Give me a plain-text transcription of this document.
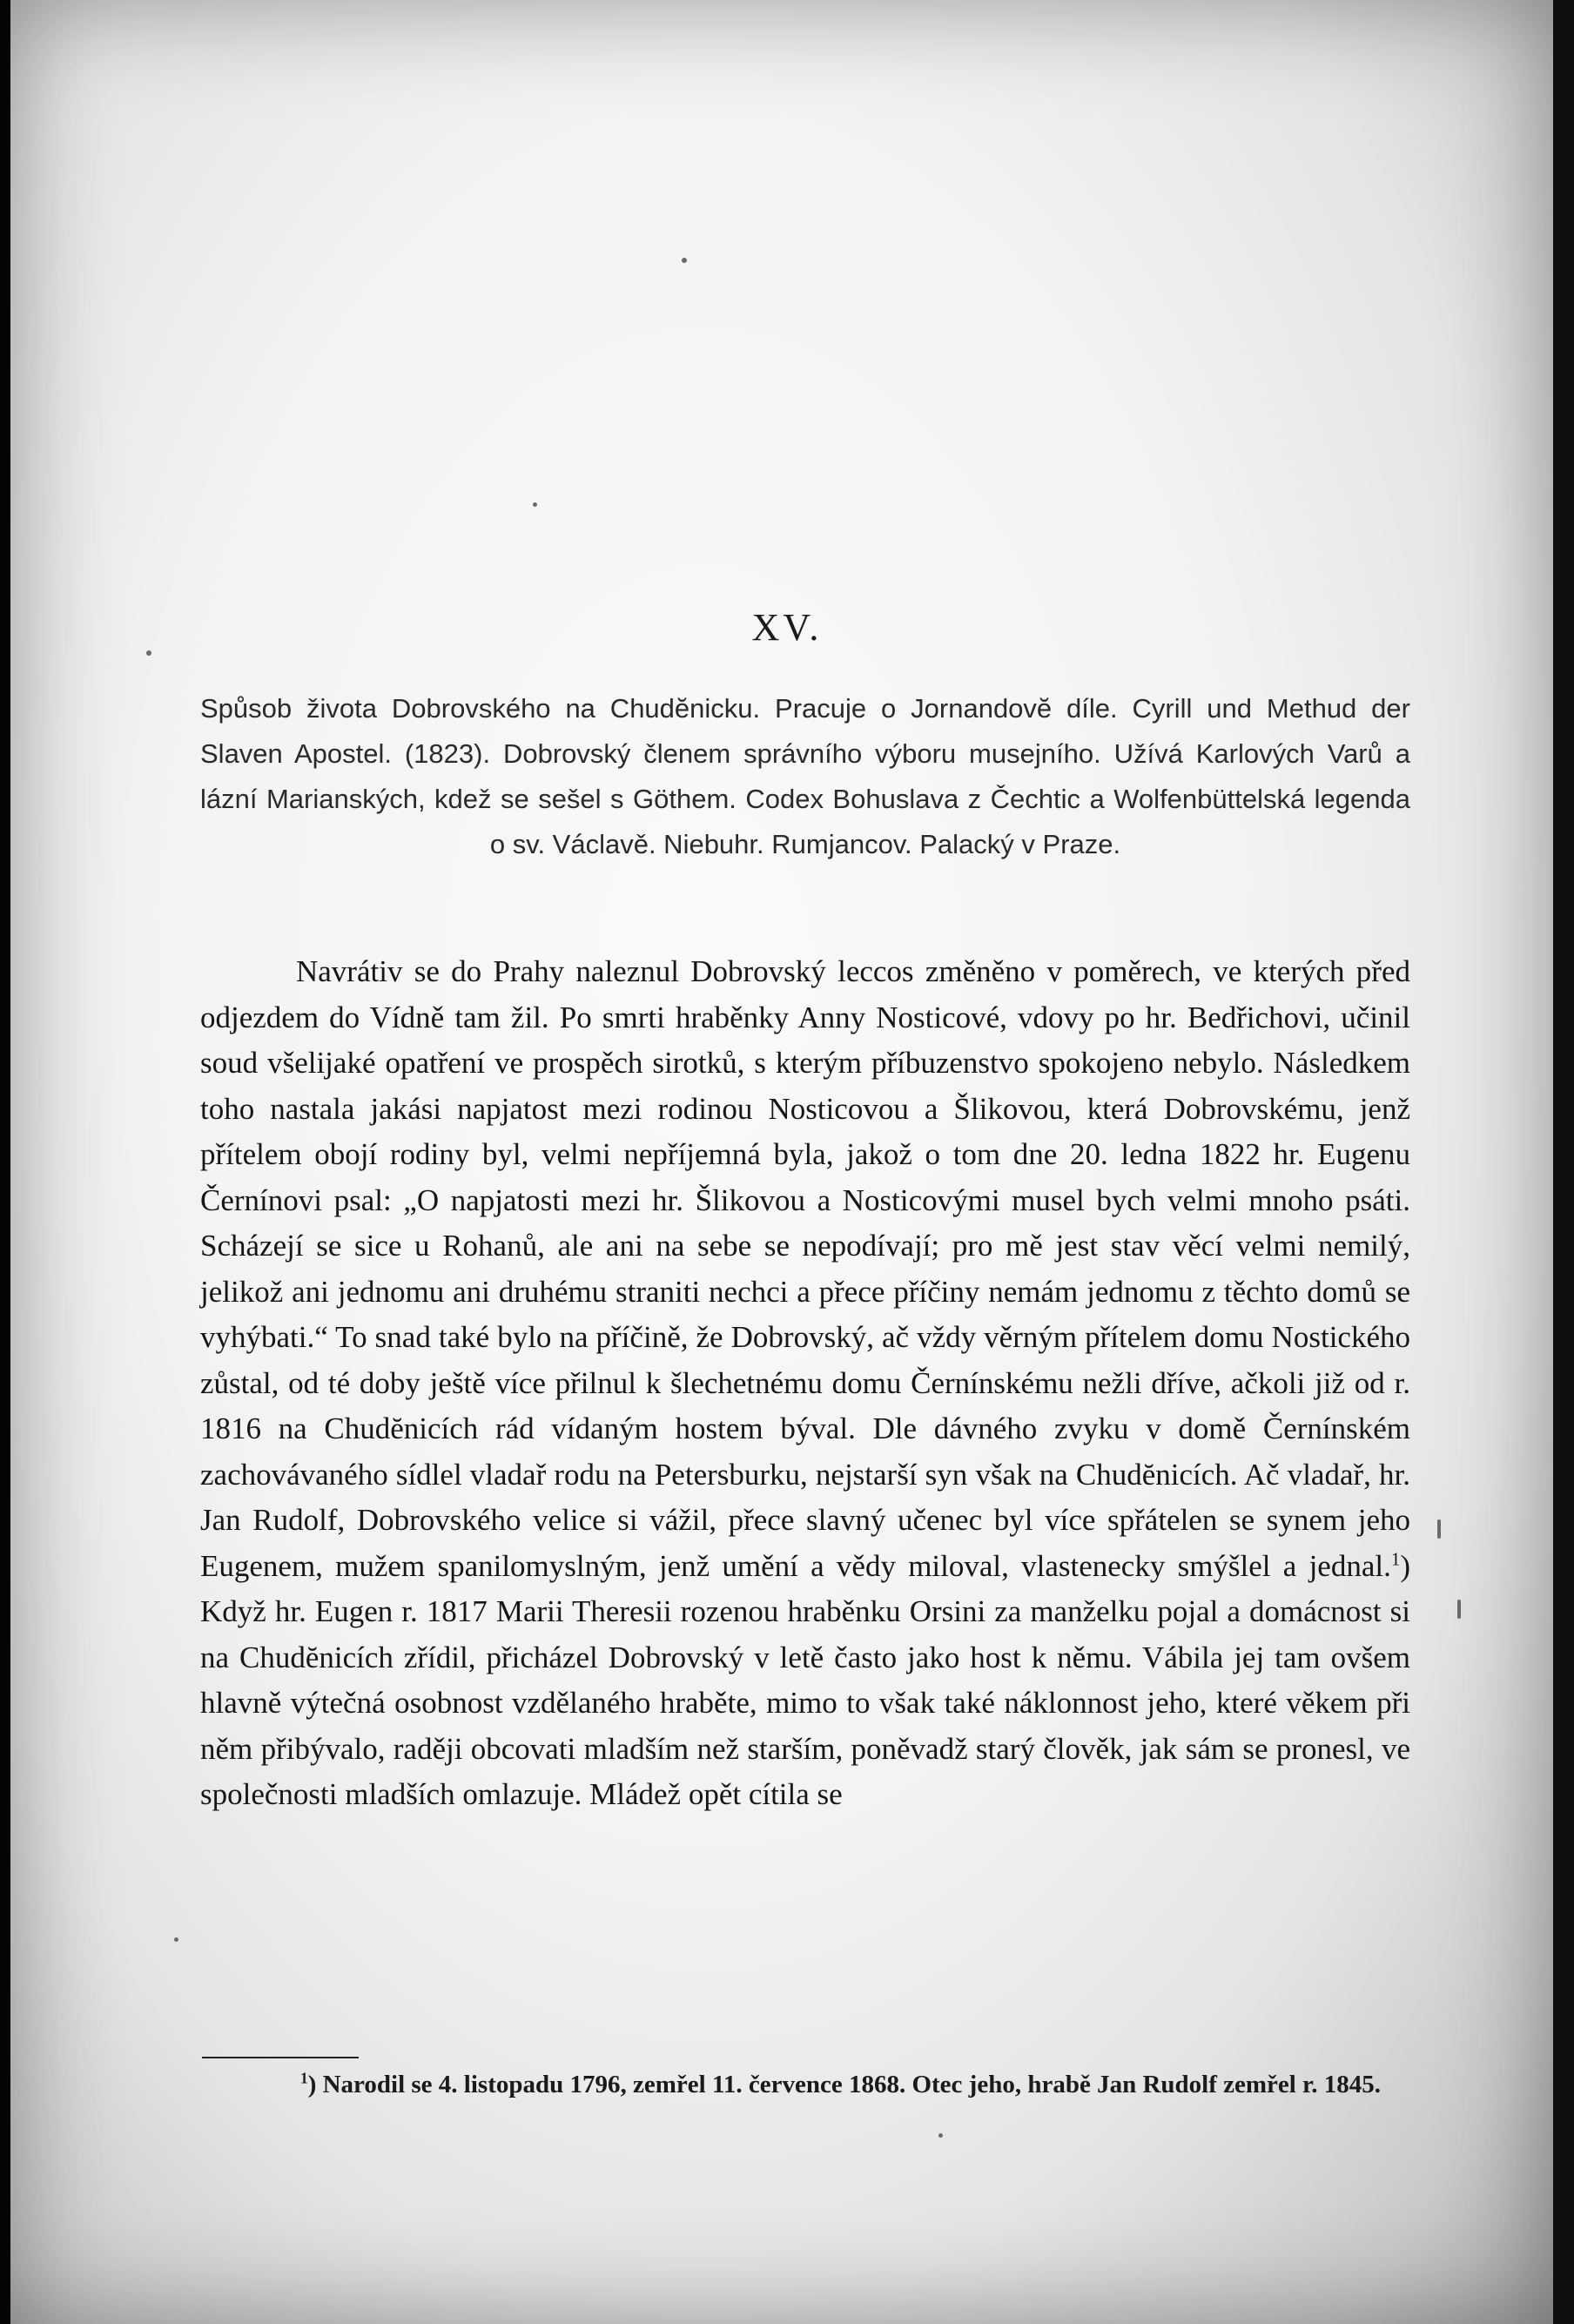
XV.
Spůsob života Dobrovského na Chudĕnicku. Pracuje o Jornandovĕ díle. Cyrill und Methud der Slaven Apostel. (1823). Dobrovský členem správního výboru musejního. Užívá Karlových Varů a lázní Marianských, kdež se sešel s Göthem. Codex Bohuslava z Čechtic a Wolfenbüttelská legenda o sv. Václavě. Niebuhr. Rumjancov. Palacký v Praze.

Navrátiv se do Prahy naleznul Dobrovský leccos změněno v poměrech, ve kterých před odjezdem do Vídně tam žil. Po smrti hraběnky Anny Nosticové, vdovy po hr. Bedřichovi, učinil soud všelijaké opatření ve prospěch sirotků, s kterým příbuzenstvo spokojeno nebylo. Následkem toho nastala jakási napjatost mezi rodinou Nosticovou a Šlikovou, která Dobrovskému, jenž přítelem obojí rodiny byl, velmi nepříjemná byla, jakož o tom dne 20. ledna 1822 hr. Eugenu Černínovi psal: „O napjatosti mezi hr. Šlikovou a Nosticovými musel bych velmi mnoho psáti. Scházejí se sice u Rohanů, ale ani na sebe se nepodívají; pro mě jest stav věcí velmi nemilý, jelikož ani jednomu ani druhému straniti nechci a přece příčiny nemám jednomu z těchto domů se vyhýbati.“ To snad také bylo na příčině, že Dobrovský, ač vždy věrným přítelem domu Nostického zůstal, od té doby ještě více přilnul k šlechetnému domu Černínskému nežli dříve, ačkoli již od r. 1816 na Chudĕnicích rád vídaným hostem býval. Dle dávného zvyku v domě Černínském zachovávaného sídlel vladař rodu na Petersburku, nejstarší syn však na Chudĕnicích. Ač vladař, hr. Jan Rudolf, Dobrovského velice si vážil, přece slavný učenec byl více spřátelen se synem jeho Eugenem, mužem spanilomyslným, jenž umění a vědy miloval, vlastenecky smýšlel a jednal.$^1$) Když hr. Eugen r. 1817 Marii Theresii rozenou hraběnku Orsini za manželku pojal a domácnost si na Chudĕnicích zřídil, přicházel Dobrovský v letě často jako host k němu. Vábila jej tam ovšem hlavně výtečná osobnost vzdělaného hraběte, mimo to však také náklonnost jeho, které věkem při něm přibývalo, raději obcovati mladším než starším, poněvadž starý člověk, jak sám se pronesl, ve společnosti mladších omlazuje. Mládež opět cítila se

$^1$) Narodil se 4. listopadu 1796, zemřel 11. července 1868. Otec jeho, hrabě Jan Rudolf zemřel r. 1845.
